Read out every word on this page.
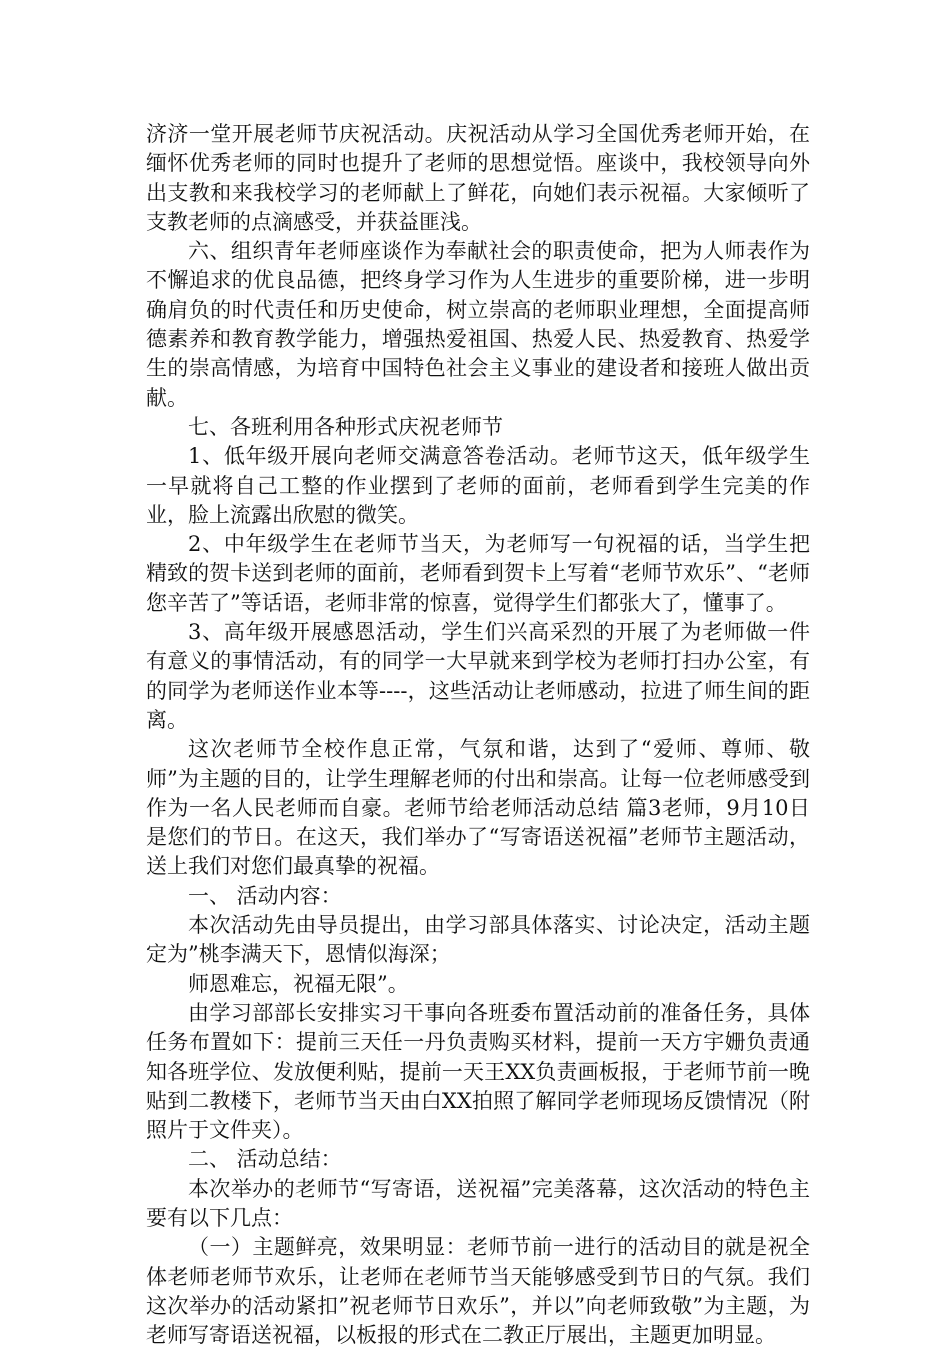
济济一堂开展老师节庆祝活动。庆祝活动从学习全国优秀老师开始，在缅怀优秀老师的同时也提升了老师的思想觉悟。座谈中，我校领导向外出支教和来我校学习的老师献上了鲜花，向她们表示祝福。大家倾听了支教老师的点滴感受，并获益匪浅。

六、组织青年老师座谈作为奉献社会的职责使命，把为人师表作为不懈追求的优良品德，把终身学习作为人生进步的重要阶梯，进一步明确肩负的时代责任和历史使命，树立崇高的老师职业理想，全面提高师德素养和教育教学能力，增强热爱祖国、热爱人民、热爱教育、热爱学生的崇高情感，为培育中国特色社会主义事业的建设者和接班人做出贡献。

七、各班利用各种形式庆祝老师节

1、低年级开展向老师交满意答卷活动。老师节这天，低年级学生一早就将自己工整的作业摆到了老师的面前，老师看到学生完美的作业，脸上流露出欣慰的微笑。

2、中年级学生在老师节当天，为老师写一句祝福的话，当学生把精致的贺卡送到老师的面前，老师看到贺卡上写着“老师节欢乐”、“老师您辛苦了”等话语，老师非常的惊喜，觉得学生们都张大了，懂事了。

3、高年级开展感恩活动，学生们兴高采烈的开展了为老师做一件有意义的事情活动，有的同学一大早就来到学校为老师打扫办公室，有的同学为老师送作业本等----，这些活动让老师感动，拉进了师生间的距离。

这次老师节全校作息正常，气氛和谐，达到了“爱师、尊师、敬师”为主题的目的，让学生理解老师的付出和崇高。让每一位老师感受到作为一名人民老师而自豪。老师节给老师活动总结 篇3老师，9月10日是您们的节日。在这天，我们举办了“写寄语送祝福”老师节主题活动，送上我们对您们最真挚的祝福。

一、 活动内容：

本次活动先由导员提出，由学习部具体落实、讨论决定，活动主题定为”桃李满天下，恩情似海深；

师恩难忘，祝福无限”。

由学习部部长安排实习干事向各班委布置活动前的准备任务，具体任务布置如下：提前三天任一丹负责购买材料，提前一天方宇姗负责通知各班学位、发放便利贴，提前一天王XX负责画板报，于老师节前一晚贴到二教楼下，老师节当天由白XX拍照了解同学老师现场反馈情况（附照片于文件夹）。

二、 活动总结：

本次举办的老师节“写寄语，送祝福”完美落幕，这次活动的特色主要有以下几点：

（一）主题鲜亮，效果明显：老师节前一进行的活动目的就是祝全体老师老师节欢乐，让老师在老师节当天能够感受到节日的气氛。我们这次举办的活动紧扣”祝老师节日欢乐”，并以”向老师致敬”为主题，为老师写寄语送祝福，以板报的形式在二教正厅展出，主题更加明显。
